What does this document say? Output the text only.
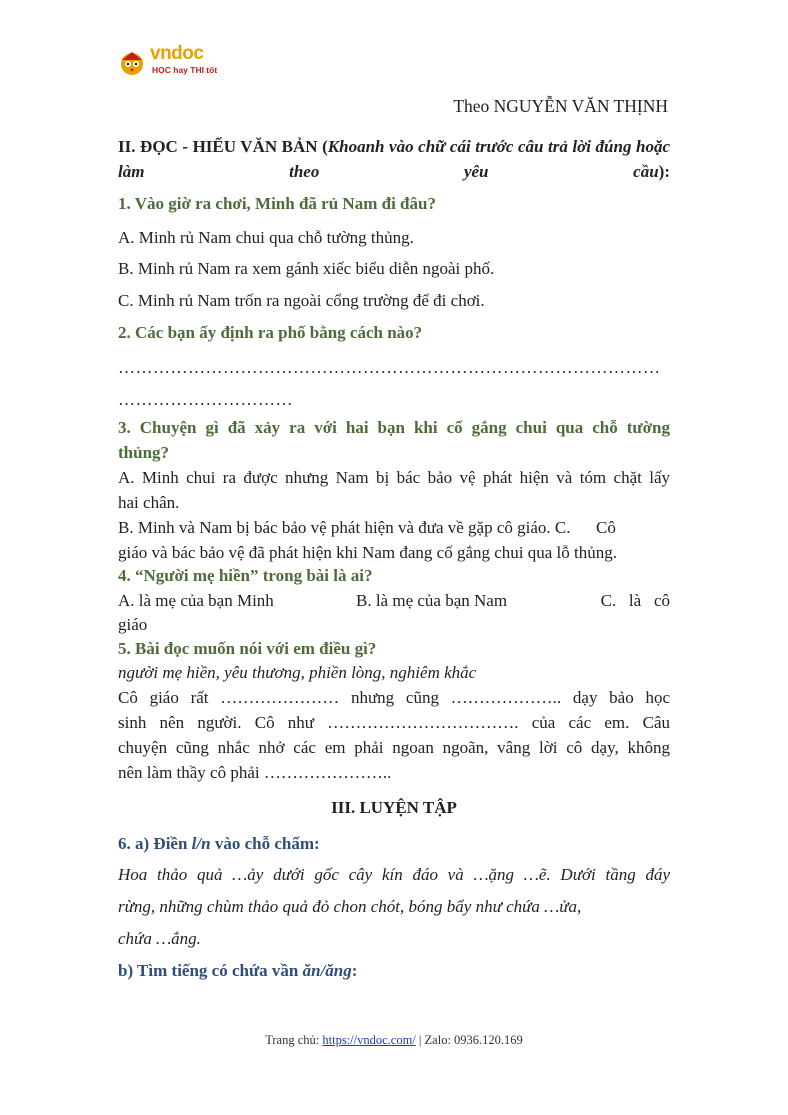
vndoc
HỌC hay THI tốt
Theo NGUYỄN VĂN THỊNH
II. ĐỌC - HIỂU VĂN BẢN (Khoanh vào chữ cái trước câu trả lời đúng hoặc làm theo yêu cầu):
1. Vào giờ ra chơi, Minh đã rủ Nam đi đâu?
A. Minh rủ Nam chui qua chỗ tường thủng.
B. Minh rủ Nam ra xem gánh xiếc biểu diễn ngoài phố.
C. Minh rủ Nam trốn ra ngoài cổng trường để đi chơi.
2. Các bạn ấy định ra phố bằng cách nào?
…………………………………………………………………………………
…………………………
3. Chuyện gì đã xảy ra với hai bạn khi cố gắng chui qua chỗ tường
thủng?
A. Minh chui ra được nhưng Nam bị bác bảo vệ phát hiện và tóm chặt lấy
hai chân.
B. Minh và Nam bị bác bảo vệ phát hiện và đưa về gặp cô giáo. C.      Cô
giáo và bác bảo vệ đã phát hiện khi Nam đang cố gắng chui qua lỗ thủng.
4. “Người mẹ hiền” trong bài là ai?
A. là mẹ của bạn Minh	B. là mẹ của bạn Nam	C.   là   cô
giáo
5. Bài đọc muốn nói với em điều gì?
người mẹ hiền, yêu thương, phiền lòng, nghiêm khắc
Cô giáo rất ………………… nhưng cũng ……………….. dạy bảo học
sinh nên người. Cô như ……………………………. của các em. Câu
chuyện cũng nhắc nhở các em phải ngoan ngoãn, vâng lời cô dạy, không
nên làm thầy cô phải …………………..
III. LUYỆN TẬP
6. a) Điền l/n vào chỗ chấm:
Hoa thảo quả …ảy dưới gốc cây kín đáo và …ặng …ẽ. Dưới tầng đáy
rừng, những chùm thảo quả đỏ chon chót, bóng bẩy như chứa …ửa,
chứa …ắng.
b) Tìm tiếng có chứa vần ăn/ăng:
Trang chủ: https://vndoc.com/ | Zalo: 0936.120.169
